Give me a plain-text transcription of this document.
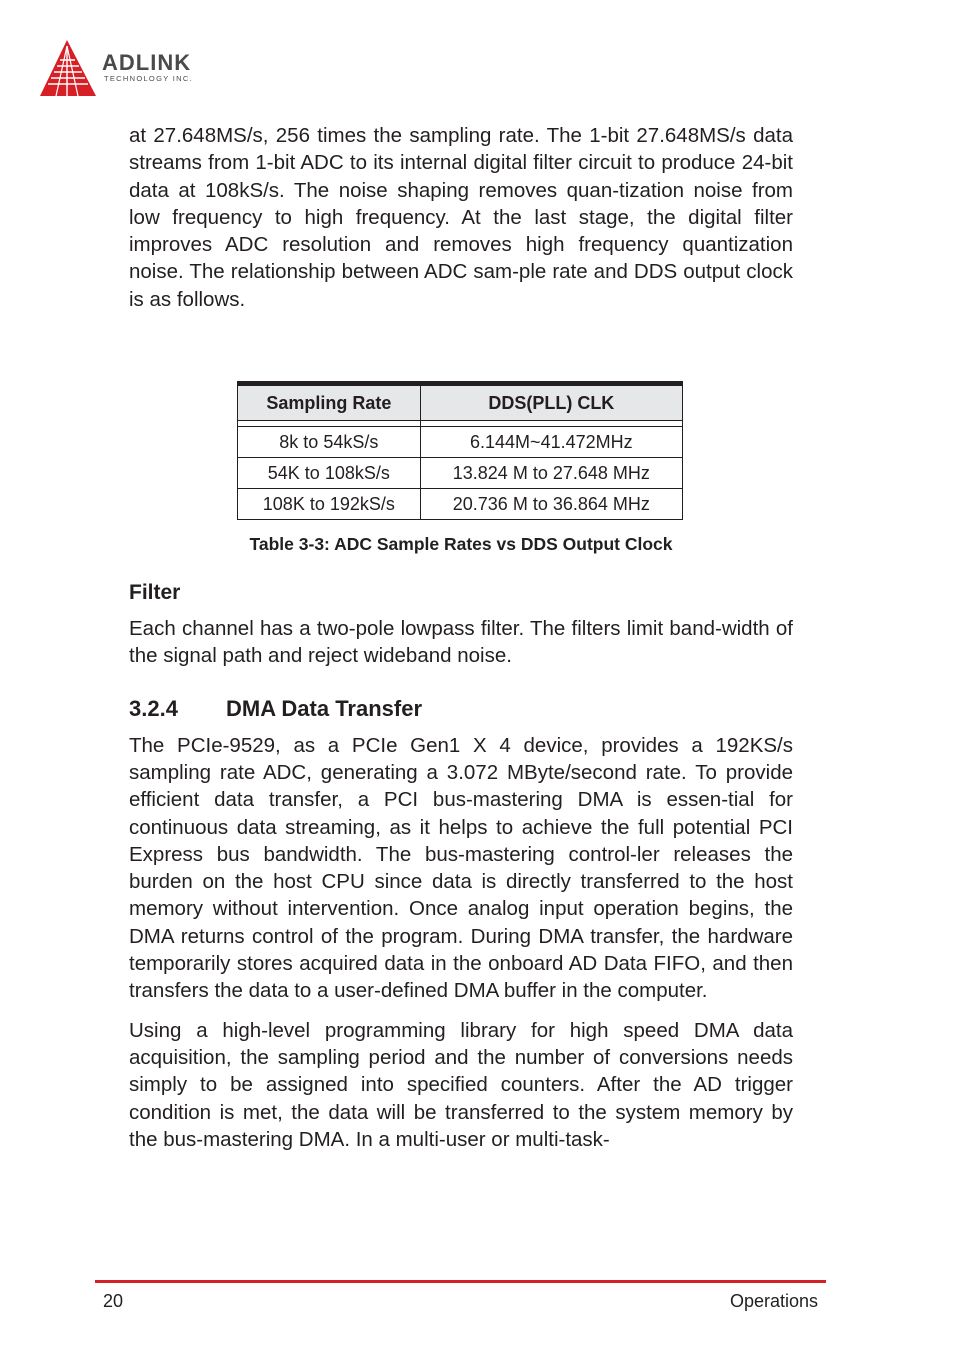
ADLINK
TECHNOLOGY INC.

at 27.648MS/s, 256 times the sampling rate. The 1-bit 27.648MS/s data streams from 1-bit ADC to its internal digital filter circuit to produce 24-bit data at 108kS/s. The noise shaping removes quan-tization noise from low frequency to high frequency. At the last stage, the digital filter improves ADC resolution and removes high frequency quantization noise. The relationship between ADC sam-ple rate and DDS output clock is as follows.

Sampling Rate	DDS(PLL) CLK

8k to 54kS/s	6.144M~41.472MHz
54K to 108kS/s	13.824 M to 27.648 MHz
108K to 192kS/s	20.736 M to 36.864 MHz
Table 3-3: ADC Sample Rates vs DDS Output Clock
Filter

Each channel has a two-pole lowpass filter. The filters limit band-width of the signal path and reject wideband noise.

3.2.4 DMA Data Transfer

The PCIe-9529, as a PCIe Gen1 X 4 device, provides a 192KS/s sampling rate ADC, generating a 3.072 MByte/second rate. To provide efficient data transfer, a PCI bus-mastering DMA is essen-tial for continuous data streaming, as it helps to achieve the full potential PCI Express bus bandwidth. The bus-mastering control-ler releases the burden on the host CPU since data is directly transferred to the host memory without intervention. Once analog input operation begins, the DMA returns control of the program. During DMA transfer, the hardware temporarily stores acquired data in the onboard AD Data FIFO, and then transfers the data to a user-defined DMA buffer in the computer.

Using a high-level programming library for high speed DMA data acquisition, the sampling period and the number of conversions needs simply to be assigned into specified counters. After the AD trigger condition is met, the data will be transferred to the system memory by the bus-mastering DMA. In a multi-user or multi-task-

20	Operations
